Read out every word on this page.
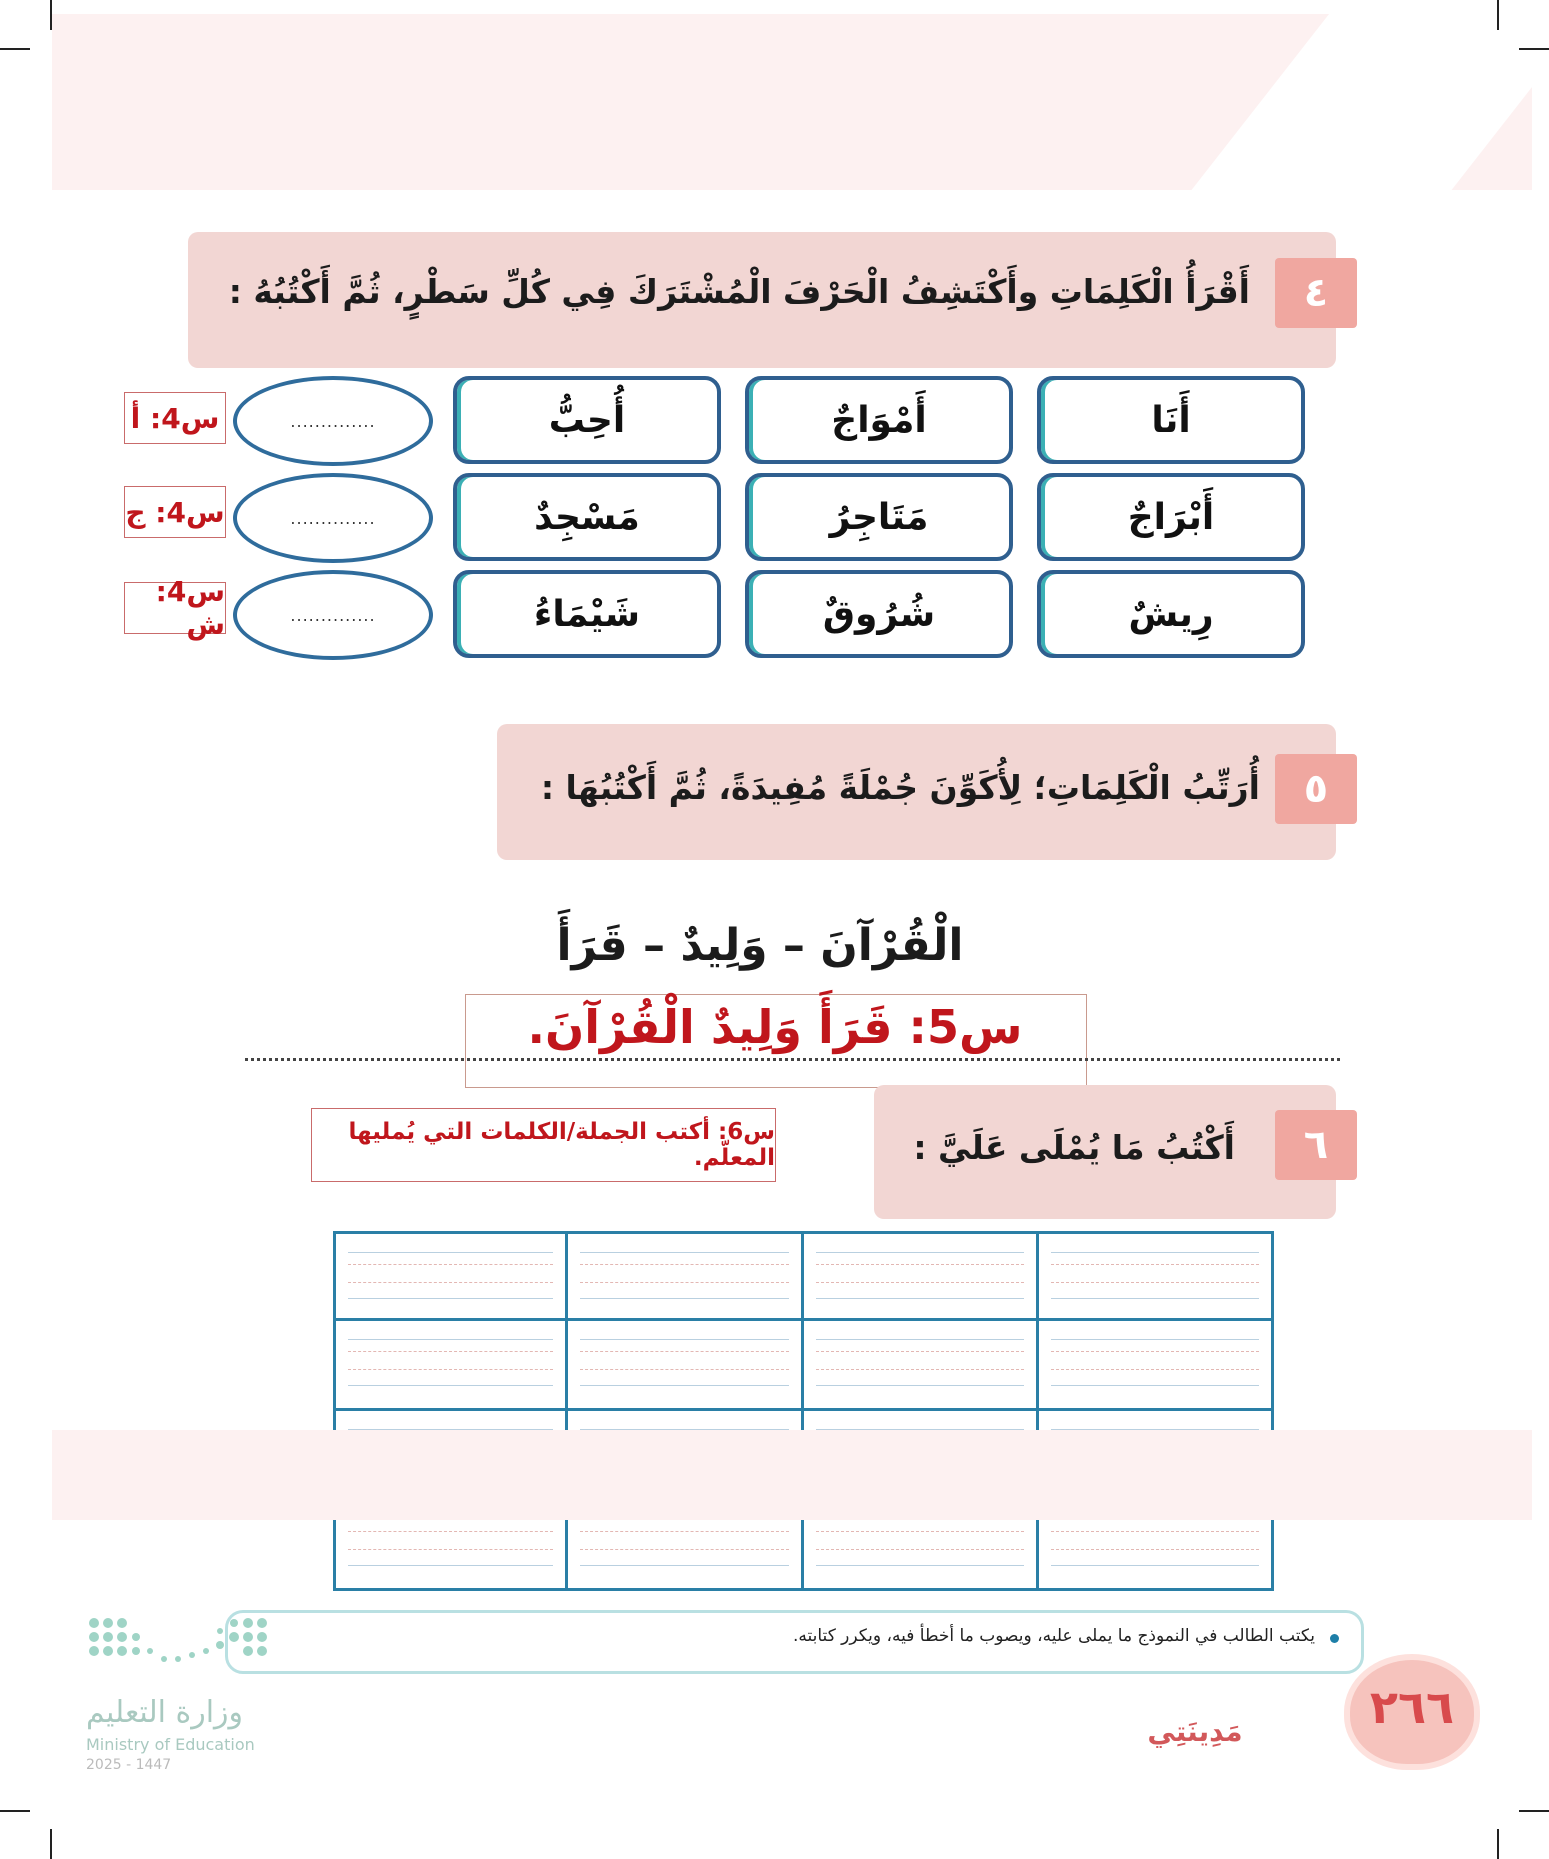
٤
أَقْرَأُ الْكَلِمَاتِ وأَكْتَشِفُ الْحَرْفَ الْمُشْتَرَكَ فِي كُلِّ سَطْرٍ، ثُمَّ أَكْتُبُهُ :
أَنَا
أَمْوَاجٌ
أُحِبُّ
..............
س4: أ
أَبْرَاجٌ
مَتَاجِرُ
مَسْجِدٌ
..............
س4: ج
رِيشٌ
شُرُوقٌ
شَيْمَاءُ
..............
س4: ش
٥
أُرَتِّبُ الْكَلِمَاتِ؛ لِأُكَوِّنَ جُمْلَةً مُفِيدَةً، ثُمَّ أَكْتُبُهَا :
الْقُرْآنَ – وَلِيدٌ – قَرَأَ
س5: قَرَأَ وَلِيدٌ الْقُرْآنَ.
٦
أَكْتُبُ مَا يُمْلَى عَلَيَّ :
س6: أكتب الجملة/الكلمات التي يُمليها المعلّم.
يكتب الطالب في النموذج ما يملى عليه، ويصوب ما أخطأ فيه، ويكرر كتابته.
وزارة التعليم
Ministry of Education
2025 - 1447
مَدِينَتِي	٢٦٦
